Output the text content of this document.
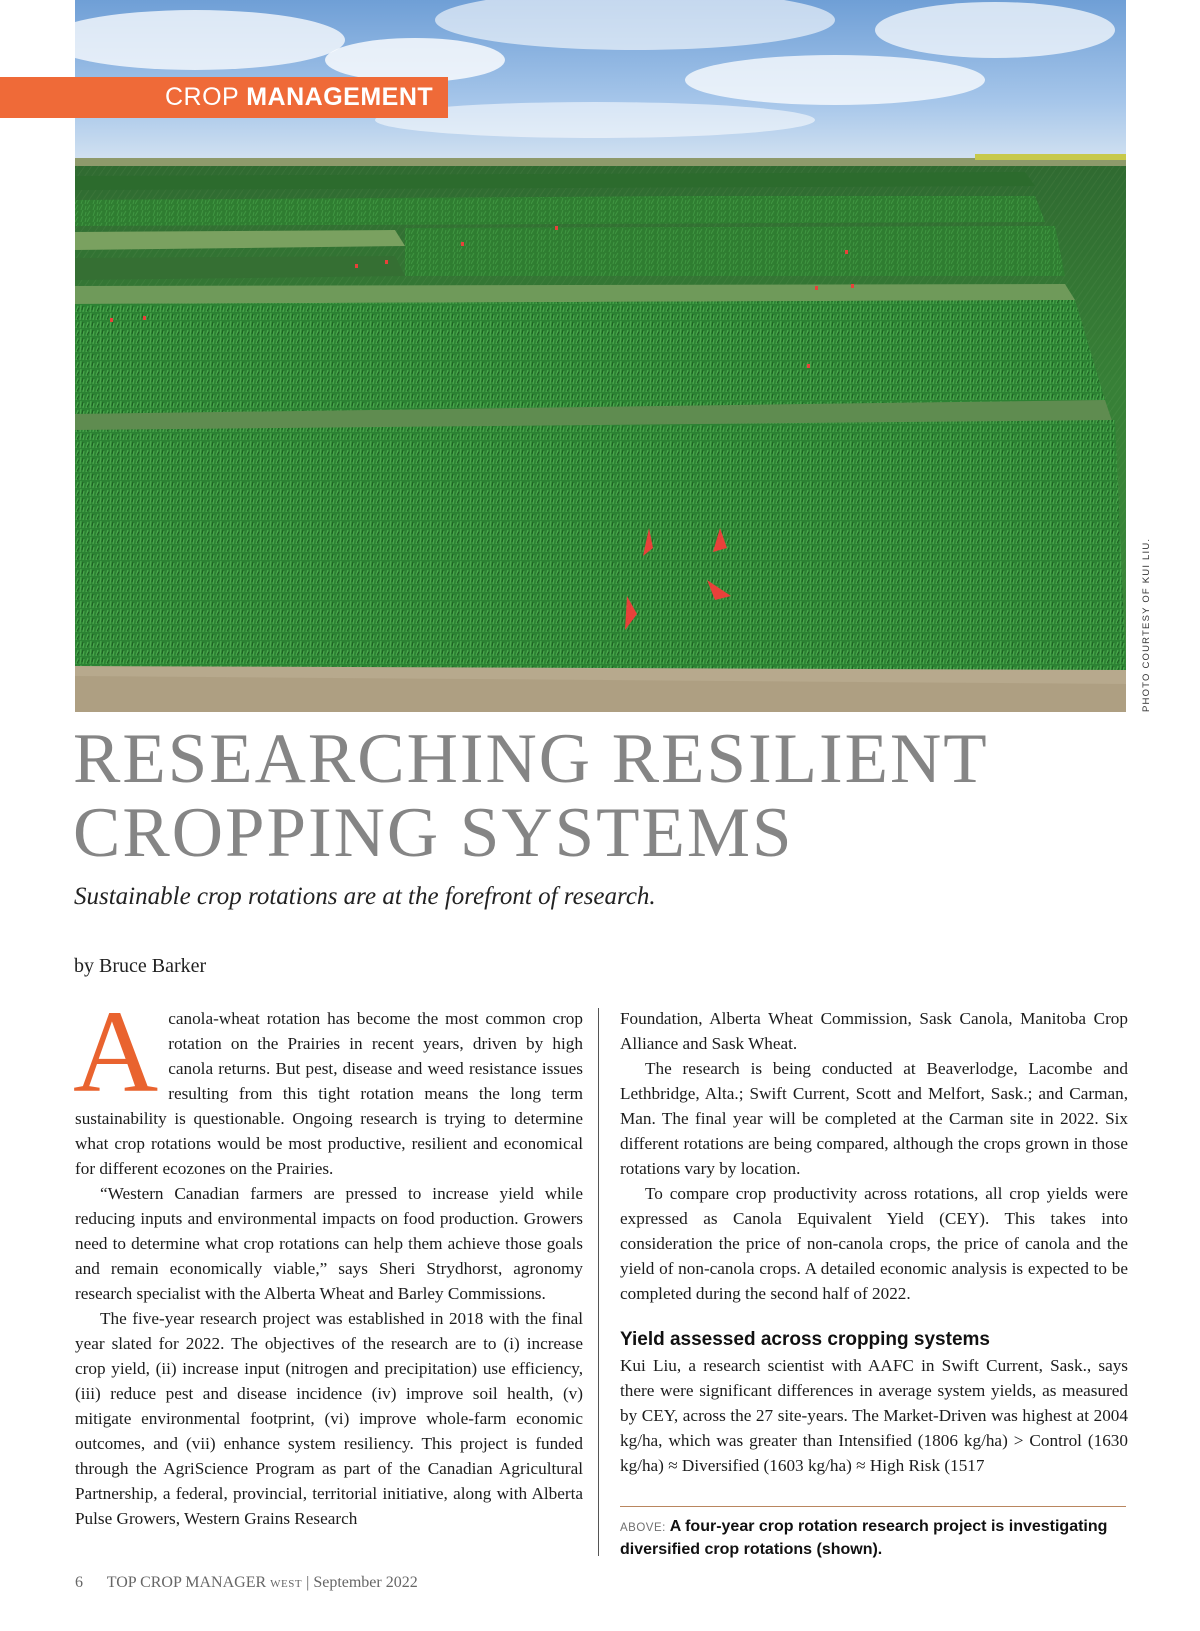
CROP MANAGEMENT
PHOTO COURTESY OF KUI LIU.
RESEARCHING RESILIENT
CROPPING SYSTEMS

Sustainable crop rotations are at the forefront of research.

by Bruce Barker

Acanola-wheat rotation has become the most common crop rotation on the Prairies in recent years, driven by high canola returns. But pest, disease and weed resistance issues resulting from this tight rotation means the long term sustainability is questionable. Ongoing research is trying to determine what crop rotations would be most productive, resilient and economical for different ecozones on the Prairies.

“Western Canadian farmers are pressed to increase yield while reducing inputs and environmental impacts on food production. Growers need to determine what crop rotations can help them achieve those goals and remain economically viable,” says Sheri Strydhorst, agronomy research specialist with the Alberta Wheat and Barley Commissions.

The five-year research project was established in 2018 with the final year slated for 2022. The objectives of the research are to (i) increase crop yield, (ii) increase input (nitrogen and precipitation) use efficiency, (iii) reduce pest and disease incidence (iv) improve soil health, (v) mitigate environmental footprint, (vi) improve whole-farm economic outcomes, and (vii) enhance system resiliency. This project is funded through the AgriScience Program as part of the Canadian Agricultural Partnership, a federal, provincial, territorial initiative, along with Alberta Pulse Growers, Western Grains Research

Foundation, Alberta Wheat Commission, Sask Canola, Manitoba Crop Alliance and Sask Wheat.

The research is being conducted at Beaverlodge, Lacombe and Lethbridge, Alta.; Swift Current, Scott and Melfort, Sask.; and Carman, Man. The final year will be completed at the Carman site in 2022. Six different rotations are being compared, although the crops grown in those rotations vary by location.

To compare crop productivity across rotations, all crop yields were expressed as Canola Equivalent Yield (CEY). This takes into consideration the price of non-canola crops, the price of canola and the yield of non-canola crops. A detailed economic analysis is expected to be completed during the second half of 2022.

Yield assessed across cropping systems

Kui Liu, a research scientist with AAFC in Swift Current, Sask., says there were significant differences in average system yields, as measured by CEY, across the 27 site-years. The Market-Driven was highest at 2004 kg/ha, which was greater than Intensified (1806 kg/ha) > Control (1630 kg/ha) ≈ Diversified (1603 kg/ha) ≈ High Risk (1517

ABOVE: A four-year crop rotation research project is investigating diversified crop rotations (shown).
6 TOP CROP MANAGER WEST | September 2022
